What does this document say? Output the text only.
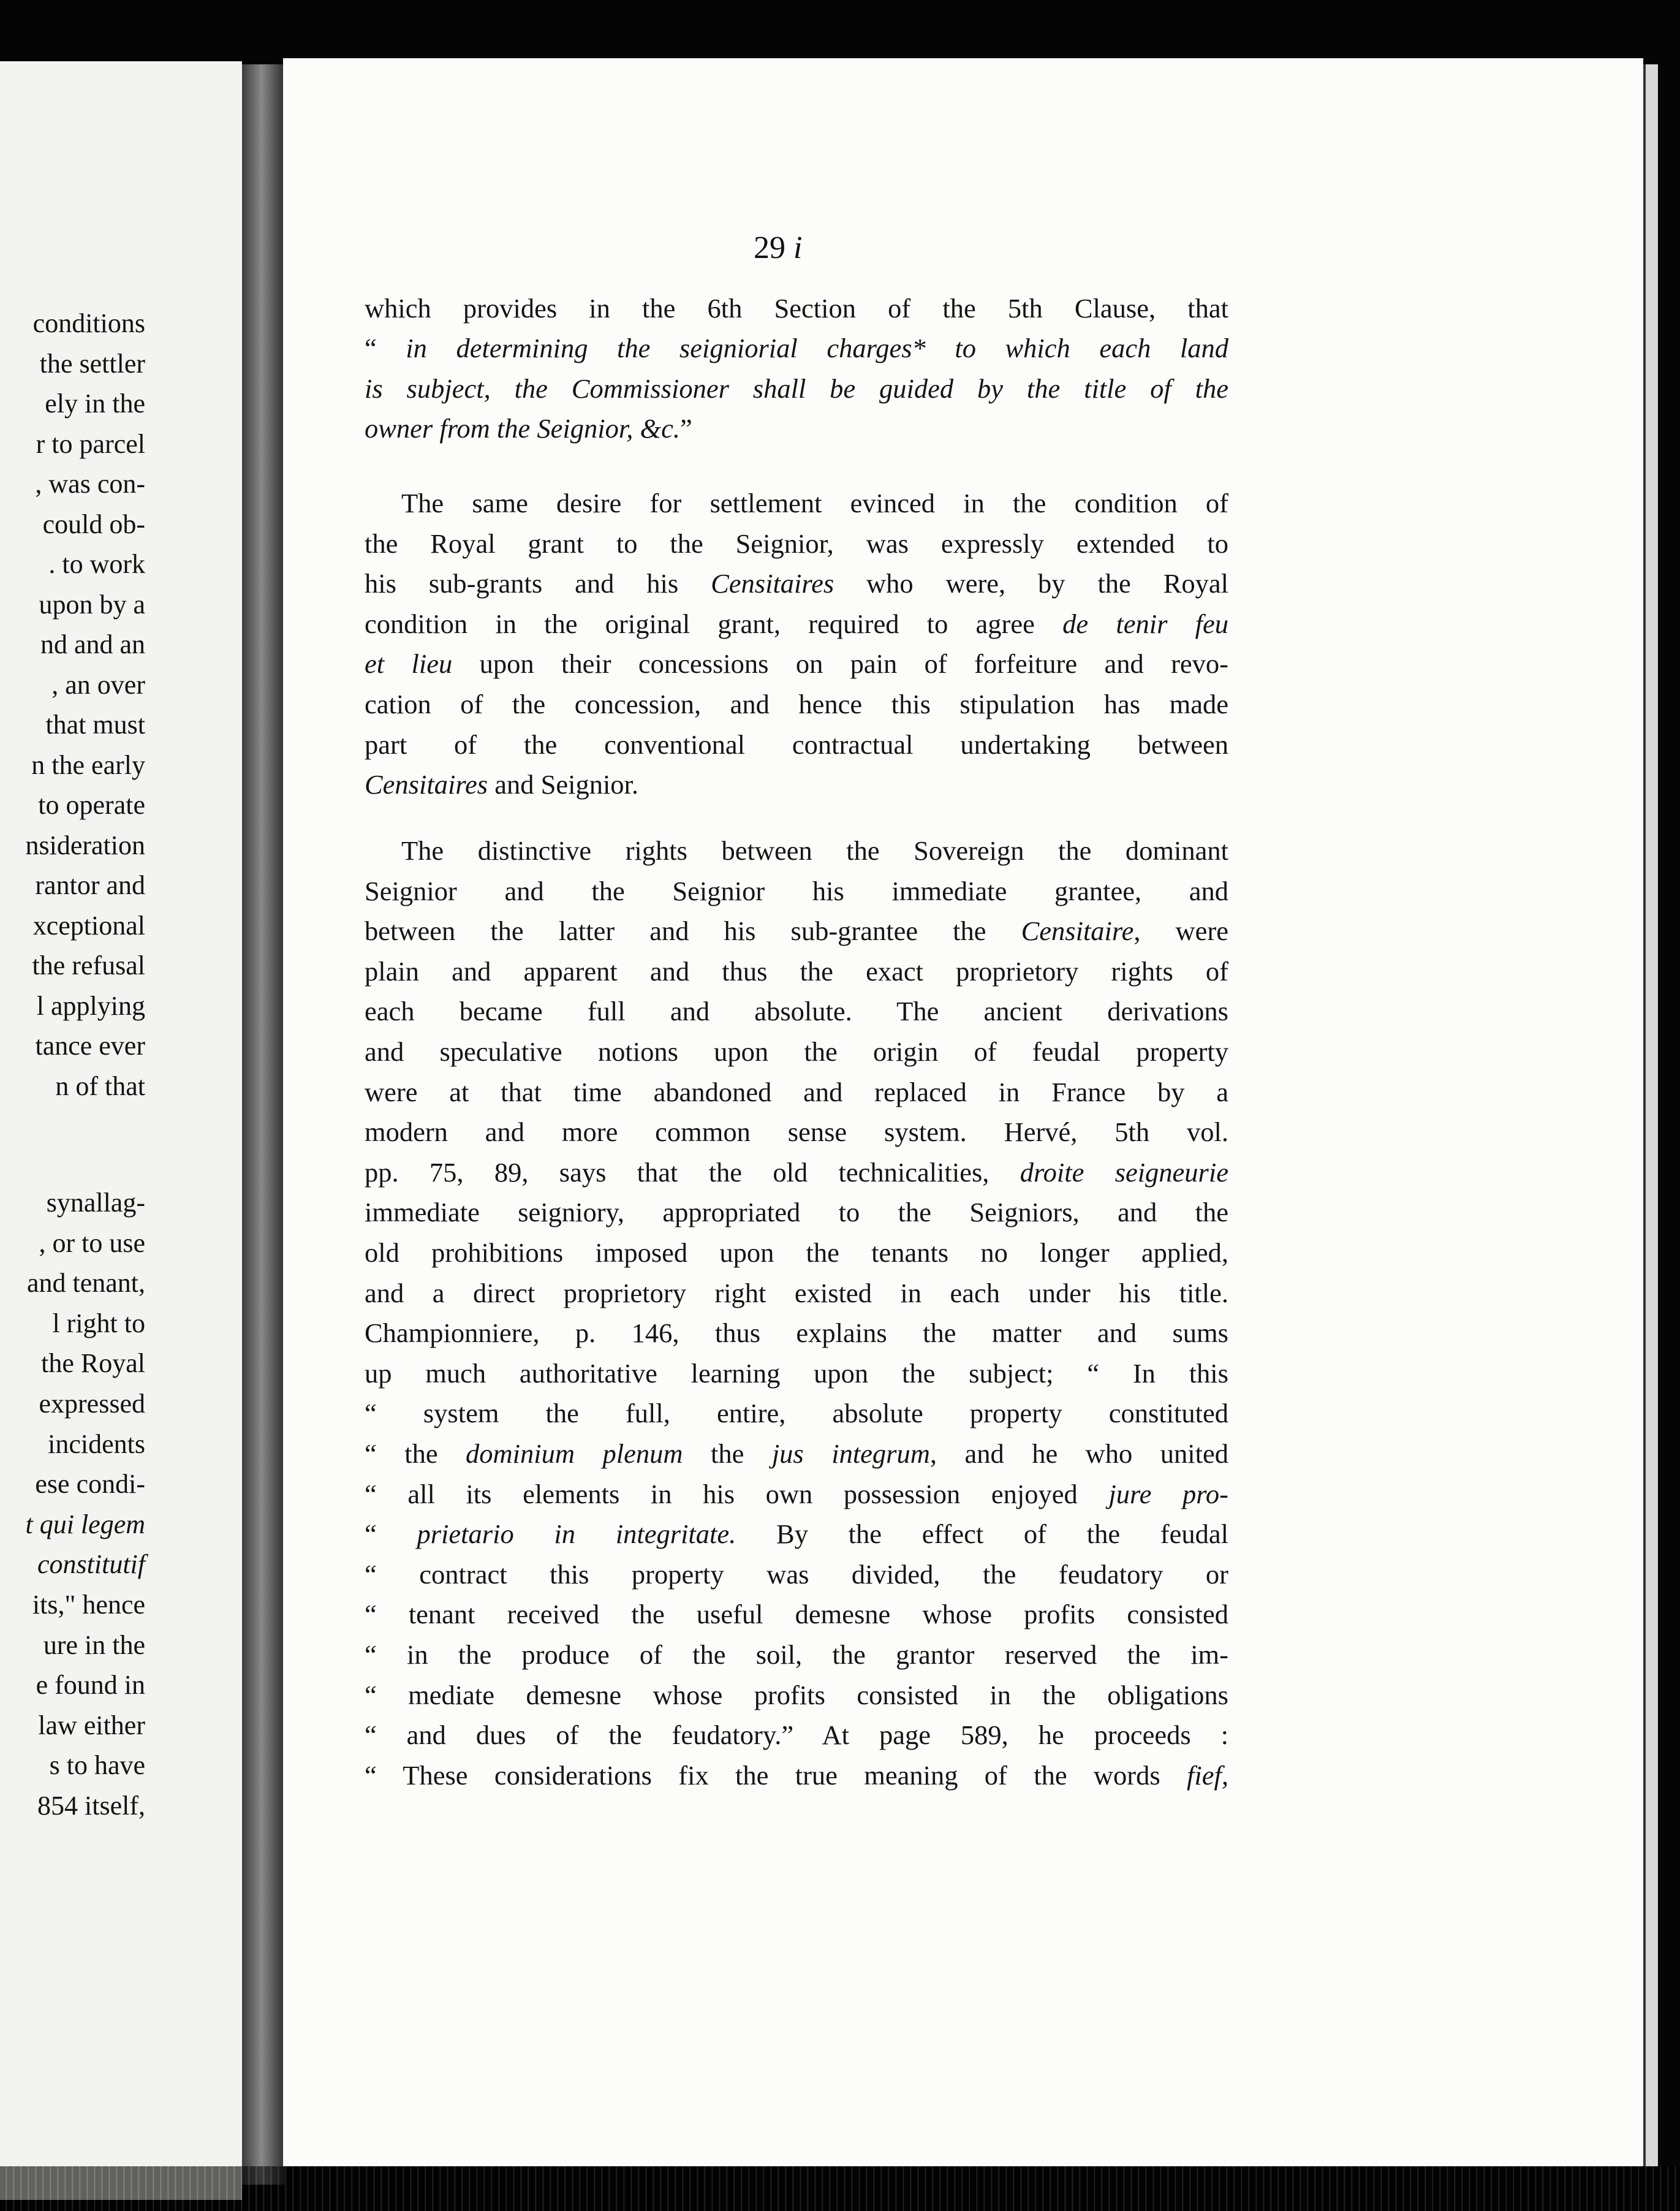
conditions
the settler
ely in the
r to parcel
, was con-
could ob-
. to work
upon by a
nd and an
, an over
that must
n the early
to operate
nsideration
rantor and
xceptional
the refusal
l applying
tance ever
n of that
synallag-
, or to use
and tenant,
l right to
the Royal
expressed
incidents
ese condi-
t qui legem
constitutif
its," hence
ure in the
e found in
law either
s to have
854 itself,
29 i
which provides in the 6th Section of the 5th Clause, that
“ in determining the seigniorial charges* to which each land
is subject, the Commissioner shall be guided by the title of the
owner from the Seignior, &c.”
The same desire for settlement evinced in the condition of
the Royal grant to the Seignior, was expressly extended to
his sub-grants and his Censitaires who were, by the Royal
condition in the original grant, required to agree de tenir feu
et lieu upon their concessions on pain of forfeiture and revo-
cation of the concession, and hence this stipulation has made
part of the conventional contractual undertaking between
Censitaires and Seignior.
The distinctive rights between the Sovereign the dominant
Seignior and the Seignior his immediate grantee, and
between the latter and his sub-grantee the Censitaire, were
plain and apparent and thus the exact proprietory rights of
each became full and absolute. The ancient derivations
and speculative notions upon the origin of feudal property
were at that time abandoned and replaced in France by a
modern and more common sense system. Hervé, 5th vol.
pp. 75, 89, says that the old technicalities, droite seigneurie
immediate seigniory, appropriated to the Seigniors, and the
old prohibitions imposed upon the tenants no longer applied,
and a direct proprietory right existed in each under his title.
Championniere, p. 146, thus explains the matter and sums
up much authoritative learning upon the subject; “ In this
“ system the full, entire, absolute property constituted
“ the dominium plenum the jus integrum, and he who united
“ all its elements in his own possession enjoyed jure pro-
“ prietario in integritate. By the effect of the feudal
“ contract this property was divided, the feudatory or
“ tenant received the useful demesne whose profits consisted
“ in the produce of the soil, the grantor reserved the im-
“ mediate demesne whose profits consisted in the obligations
“ and dues of the feudatory.” At page 589, he proceeds :
“ These considerations fix the true meaning of the words fief,
